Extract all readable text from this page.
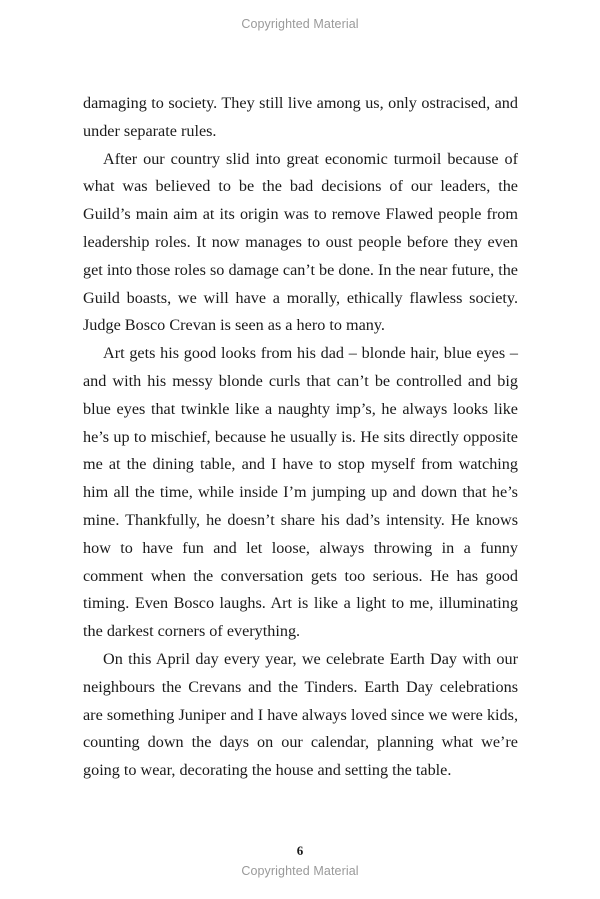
Copyrighted Material

damaging to society. They still live among us, only ostracised, and under separate rules.

After our country slid into great economic turmoil because of what was believed to be the bad decisions of our leaders, the Guild’s main aim at its origin was to remove Flawed people from leadership roles. It now manages to oust people before they even get into those roles so damage can’t be done. In the near future, the Guild boasts, we will have a morally, ethically flawless society. Judge Bosco Crevan is seen as a hero to many.

Art gets his good looks from his dad – blonde hair, blue eyes – and with his messy blonde curls that can’t be controlled and big blue eyes that twinkle like a naughty imp’s, he always looks like he’s up to mischief, because he usually is. He sits directly opposite me at the dining table, and I have to stop myself from watching him all the time, while inside I’m jumping up and down that he’s mine. Thankfully, he doesn’t share his dad’s intensity. He knows how to have fun and let loose, always throwing in a funny comment when the conversation gets too serious. He has good timing. Even Bosco laughs. Art is like a light to me, illuminating the darkest corners of everything.

On this April day every year, we celebrate Earth Day with our neighbours the Crevans and the Tinders. Earth Day celebrations are something Juniper and I have always loved since we were kids, counting down the days on our calendar, planning what we’re going to wear, decorating the house and setting the table.

6
Copyrighted Material
